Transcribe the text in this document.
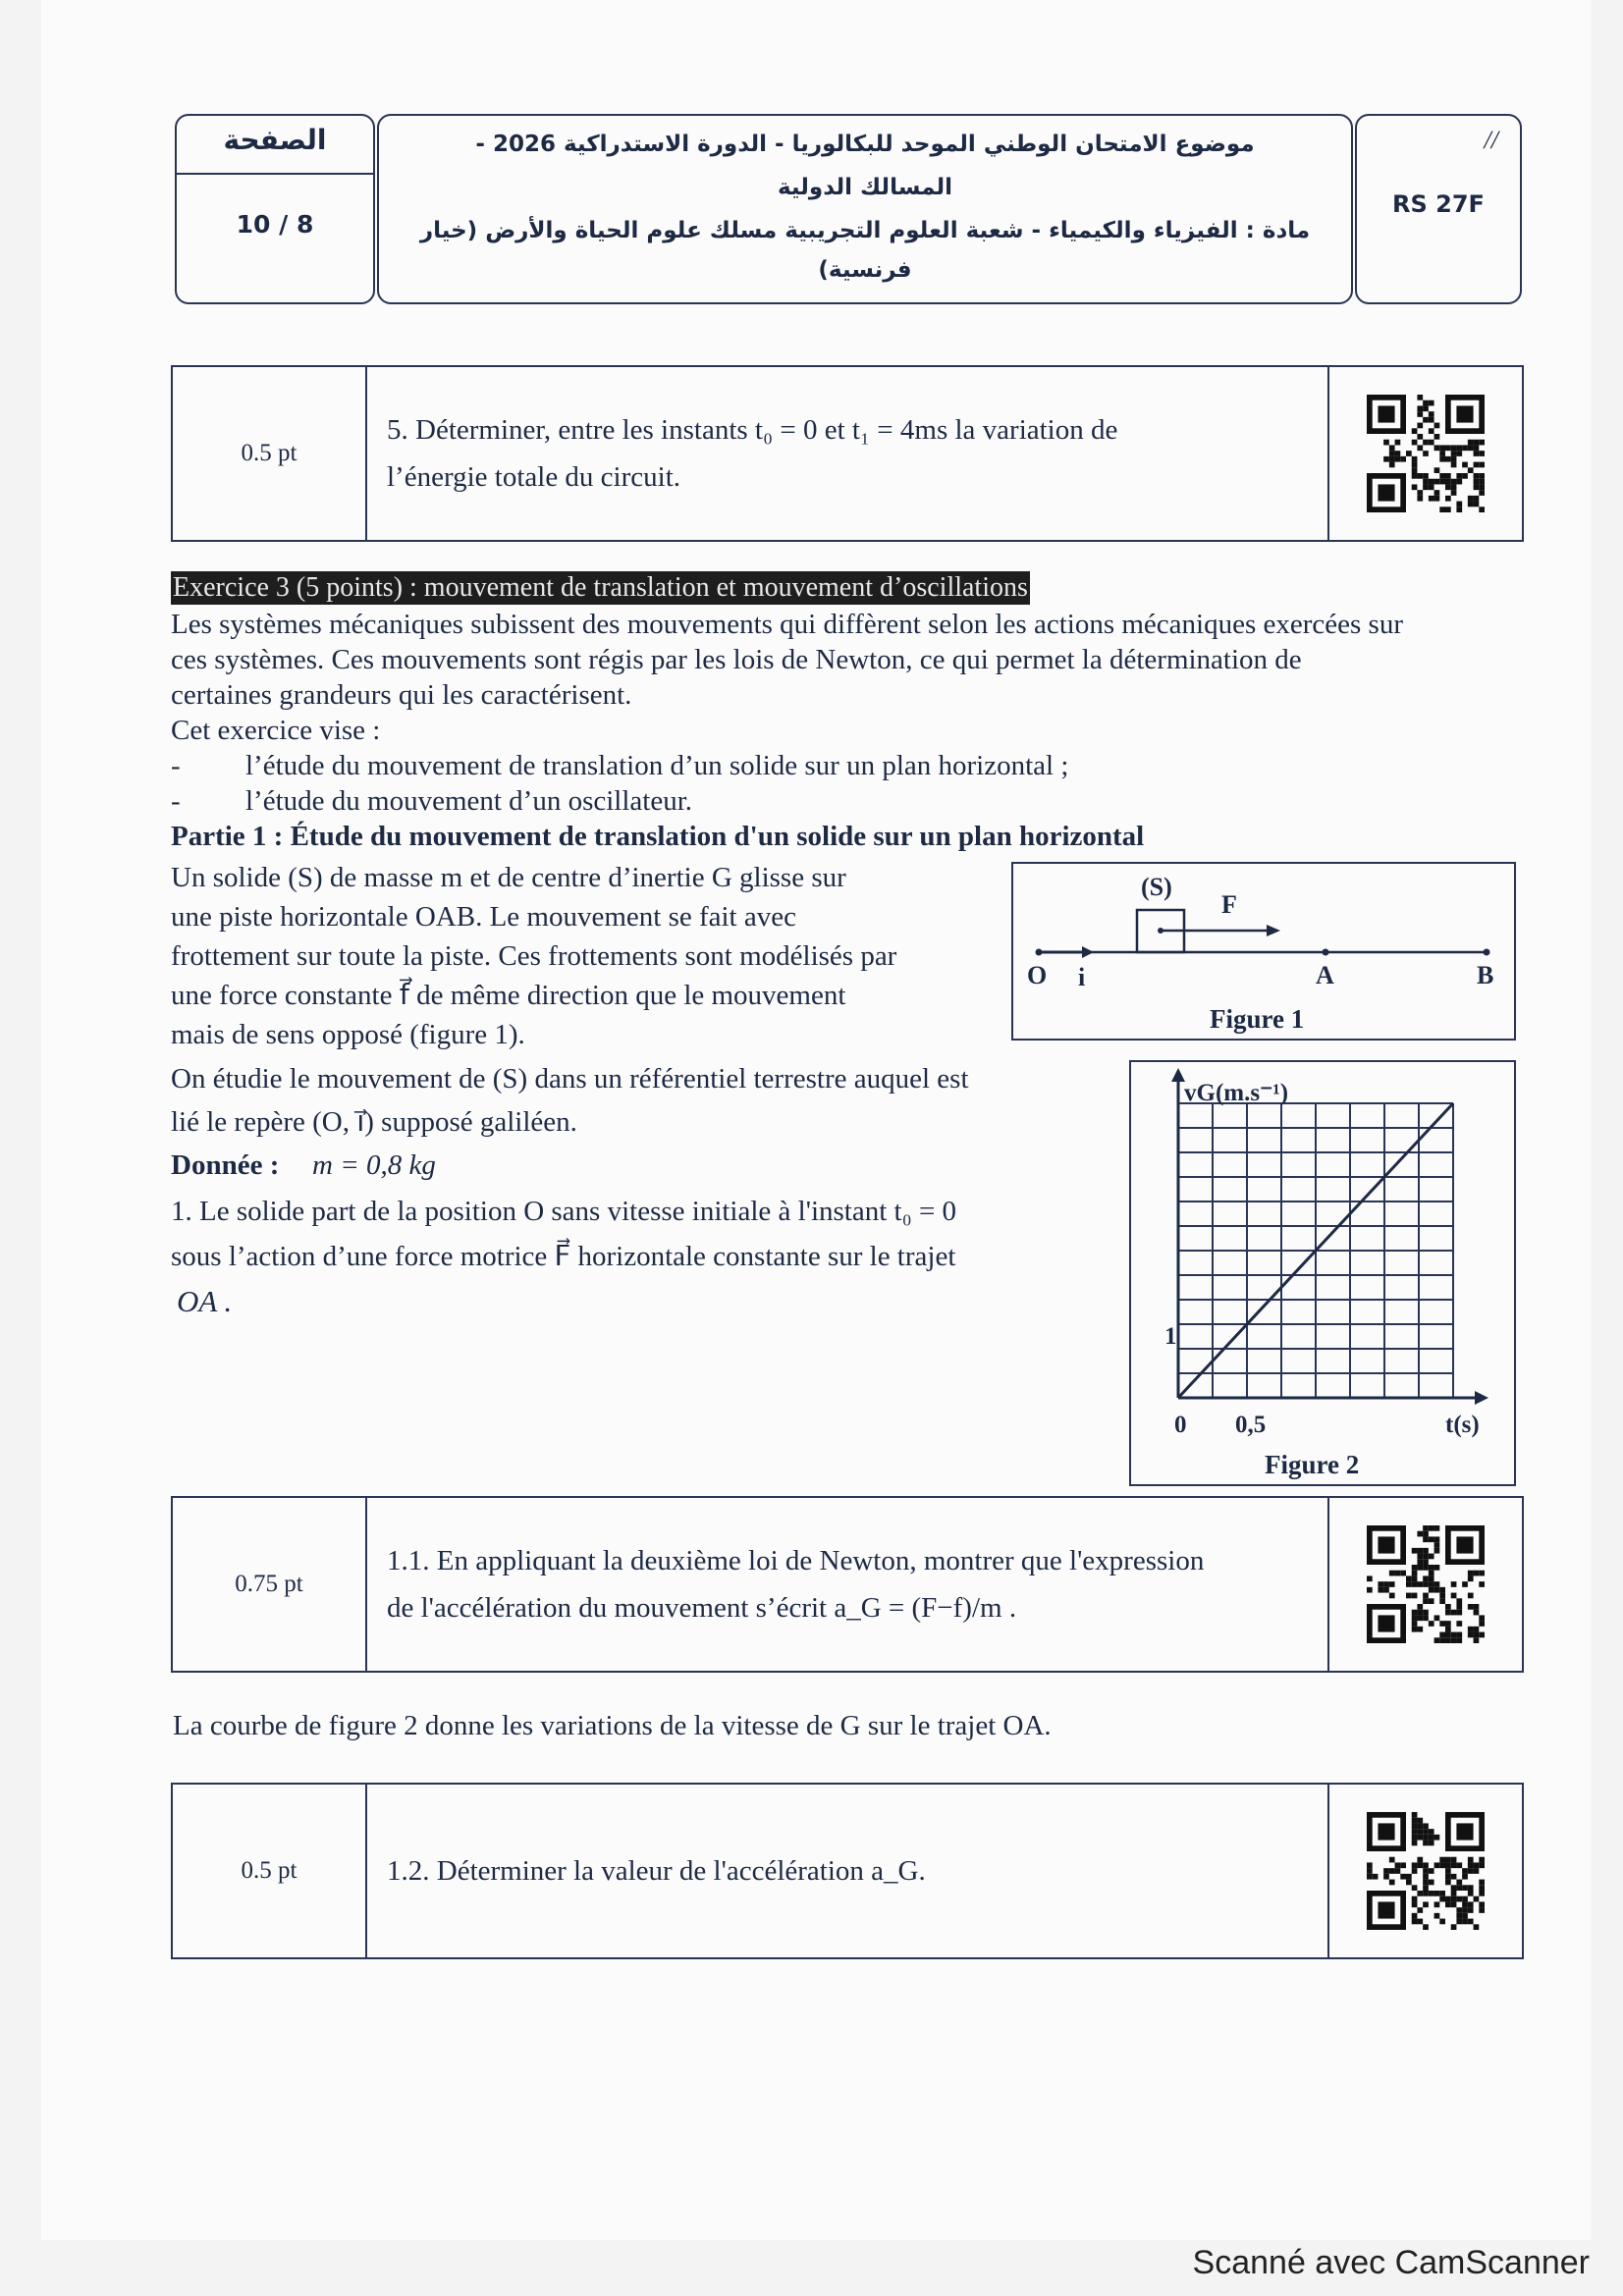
الصفحة
10 / 8
موضوع الامتحان الوطني الموحد للبكالوريا - الدورة الاستدراكية 2026 -
المسالك الدولية
مادة : الفيزياء والكيمياء - شعبة العلوم التجريبية مسلك علوم الحياة والأرض (خيار
فرنسية)
//
RS 27F
0.5 pt
5. Déterminer, entre les instants t₀ = 0 et t₁ = 4ms la variation de
l’énergie totale du circuit.
Exercice 3 (5 points) : mouvement de translation et mouvement d’oscillations
Les systèmes mécaniques subissent des mouvements qui diffèrent selon les actions mécaniques exercées sur
ces systèmes. Ces mouvements sont régis par les lois de Newton, ce qui permet la détermination de
certaines grandeurs qui les caractérisent.
Cet exercice vise :
- l’étude du mouvement de translation d’un solide sur un plan horizontal ;
- l’étude du mouvement d’un oscillateur.
Partie 1 : Étude du mouvement de translation d'un solide sur un plan horizontal
Un solide (S) de masse m et de centre d’inertie G glisse sur
une piste horizontale OAB. Le mouvement se fait avec
frottement sur toute la piste. Ces frottements sont modélisés par
une force constante f⃗ de même direction que le mouvement
mais de sens opposé (figure 1).
On étudie le mouvement de (S) dans un référentiel terrestre auquel est
lié le repère (O, i⃗) supposé galiléen.
Donnée : m = 0,8 kg
1. Le solide part de la position O sans vitesse initiale à l'instant t₀ = 0
sous l’action d’une force motrice F⃗ horizontale constante sur le trajet
OA .
(S)
F⃗
O i⃗	A	B
Figure 1
vG(m.s⁻¹)
1
0 0,5	t(s)
Figure 2
0.75 pt
1.1. En appliquant la deuxième loi de Newton, montrer que l'expression
de l'accélération du mouvement s’écrit a_G = (F−f)/m .
La courbe de figure 2 donne les variations de la vitesse de G sur le trajet OA.
0.5 pt	1.2. Déterminer la valeur de l'accélération a_G.
Scanné avec CamScanner
